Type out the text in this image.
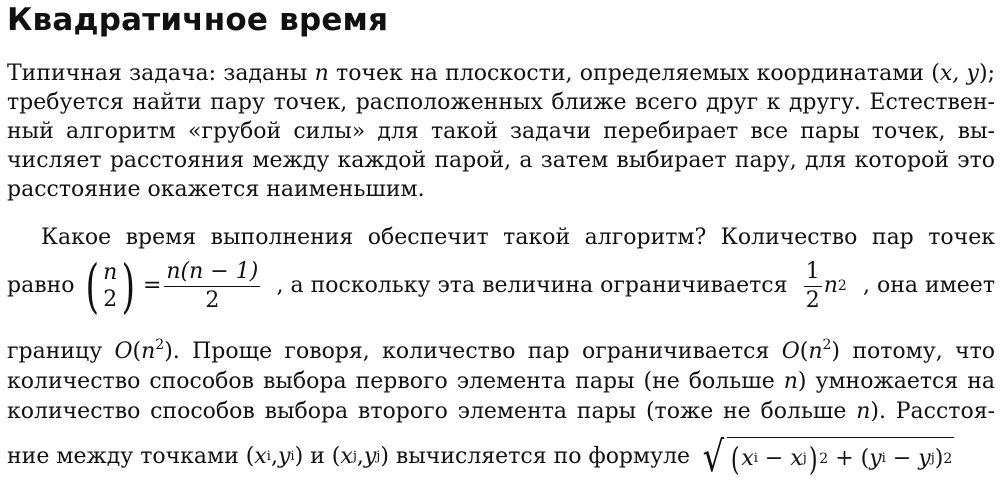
Квадратичное время
Типичная задача: заданы n точек на плоскости, определяемых координатами (x, y);
требуется найти пару точек, расположенных ближе всего друг к другу. Естествен-
ный алгоритм «грубой силы» для такой задачи перебирает все пары точек, вы-
числяет расстояния между каждой парой, а затем выбирает пару, для которой это
расстояние окажется наименьшим.
Какое время выполнения обеспечит такой алгоритм? Количество пар точек
равно ( n
2 ) = $\frac{n(n - 1)}{2}$ , а поскольку эта величина ограничивается $\frac{1}{2}$ n 2 , она имеет
границу $O(n^2)$. Проще говоря, количество пар ограничивается $O(n^2)$ потому, что
количество способов выбора первого элемента пары (не больше n) умножается на
количество способов выбора второго элемента пары (тоже не больше n). Расстоя-
ние между точками ( x i , y i ) и ( x j , y j ) вычисляется по формуле √ ( x i − x j ) 2 + ( y i − y j ) 2
